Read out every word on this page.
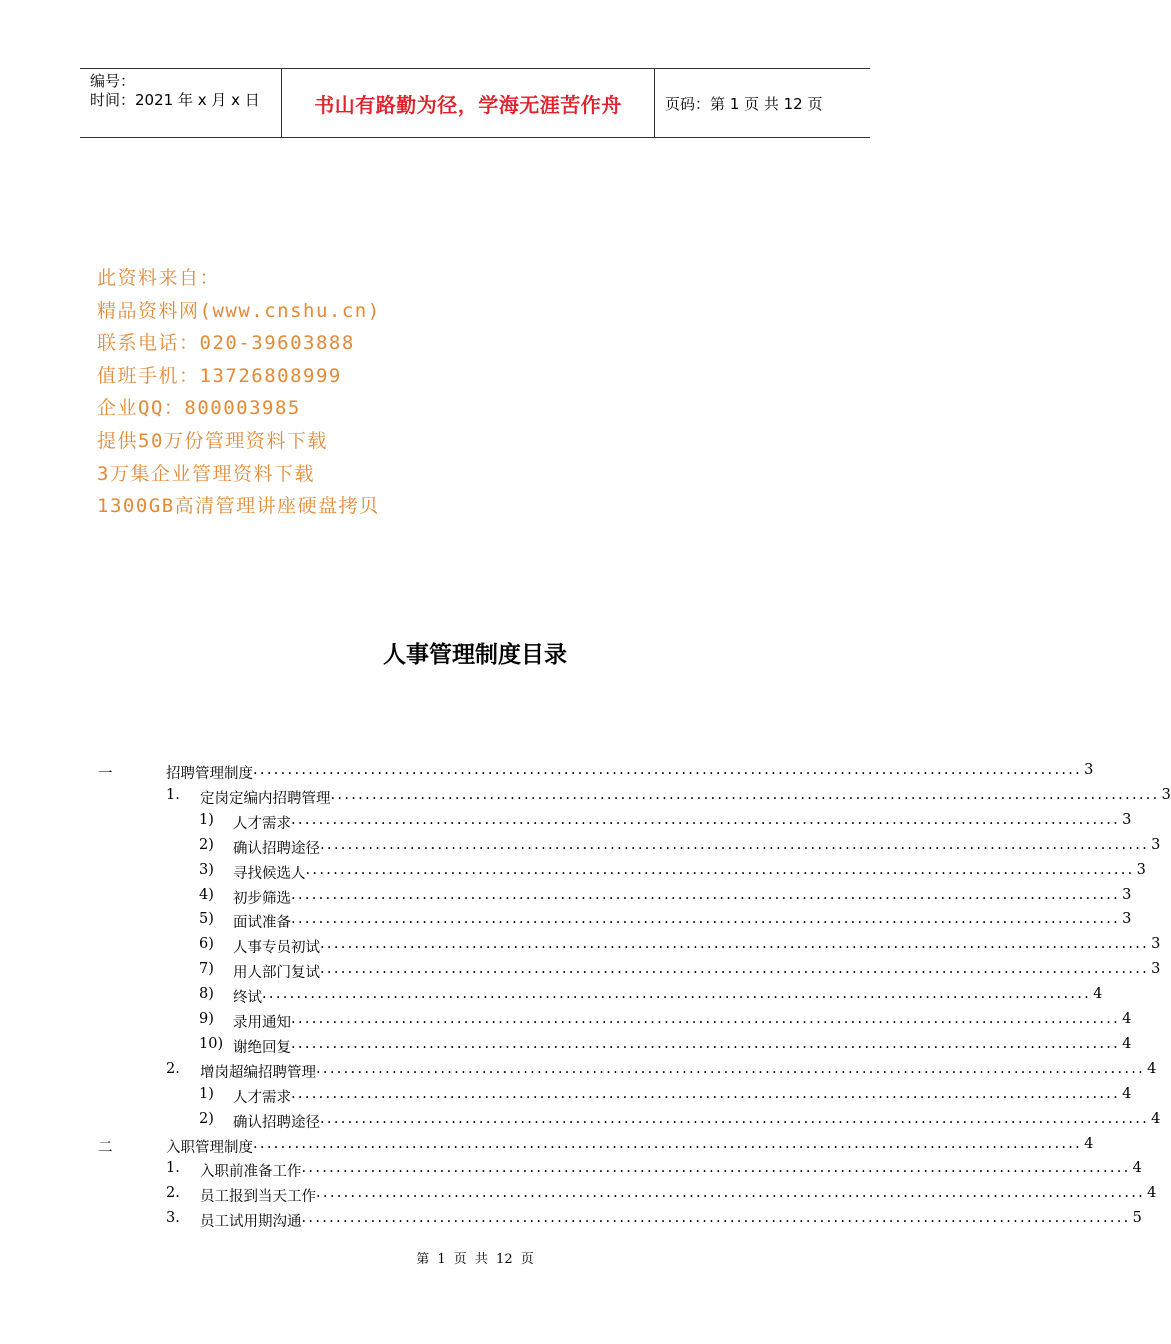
编号：
时间：2021 年 x 月 x 日	书山有路勤为径，学海无涯苦作舟	页码：第 1 页 共 12 页
此资料来自：
精品资料网(www.cnshu.cn)
联系电话：020-39603888
值班手机：13726808999
企业QQ：800003985
提供50万份管理资料下载
3万集企业管理资料下载
1300GB高清管理讲座硬盘拷贝
人事管理制度目录
一	招聘管理制度 ........................................................................................................................ 3
1. 定岗定编内招聘管理 ........................................................................................................................ 3
1) 人才需求 ........................................................................................................................ 3
2) 确认招聘途径 ........................................................................................................................ 3
3) 寻找候选人 ........................................................................................................................ 3
4) 初步筛选 ........................................................................................................................ 3
5) 面试准备 ........................................................................................................................ 3
6) 人事专员初试 ........................................................................................................................ 3
7) 用人部门复试 ........................................................................................................................ 3
8) 终试 ........................................................................................................................ 4
9) 录用通知 ........................................................................................................................ 4
10) 谢绝回复 ........................................................................................................................ 4
2. 增岗超编招聘管理 ........................................................................................................................ 4
1) 人才需求 ........................................................................................................................ 4
2) 确认招聘途径 ........................................................................................................................ 4
二	入职管理制度 ........................................................................................................................ 4
1. 入职前准备工作 ........................................................................................................................ 4
2. 员工报到当天工作 ........................................................................................................................ 4
3. 员工试用期沟通 ........................................................................................................................ 5
第 1 页 共 12 页
